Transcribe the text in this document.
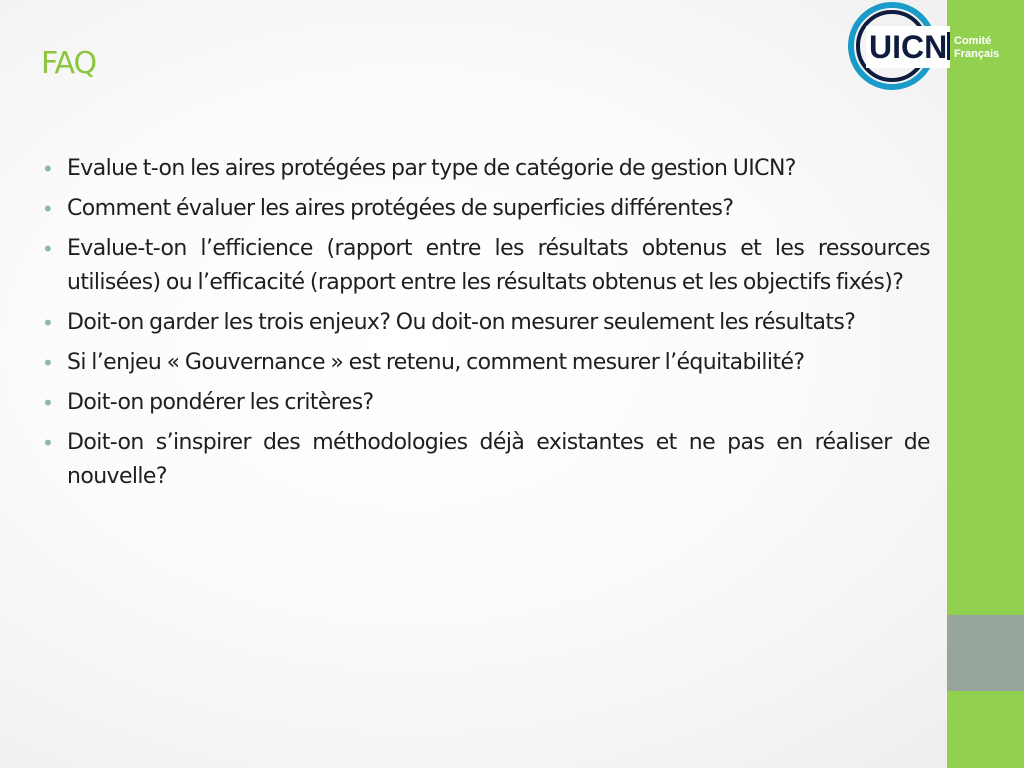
FAQ	UICN Comité
Français
• Evalue t-on les aires protégées par type de catégorie de gestion UICN?
• Comment évaluer les aires protégées de superficies différentes?
• Evalue-t-on l’efficience (rapport entre les résultats obtenus et les ressources utilisées) ou l’efficacité (rapport entre les résultats obtenus et les objectifs fixés)?
• Doit-on garder les trois enjeux? Ou doit-on mesurer seulement les résultats?
• Si l’enjeu « Gouvernance » est retenu, comment mesurer l’équitabilité?
• Doit-on pondérer les critères?
• Doit-on s’inspirer des méthodologies déjà existantes et ne pas en réaliser de nouvelle?
